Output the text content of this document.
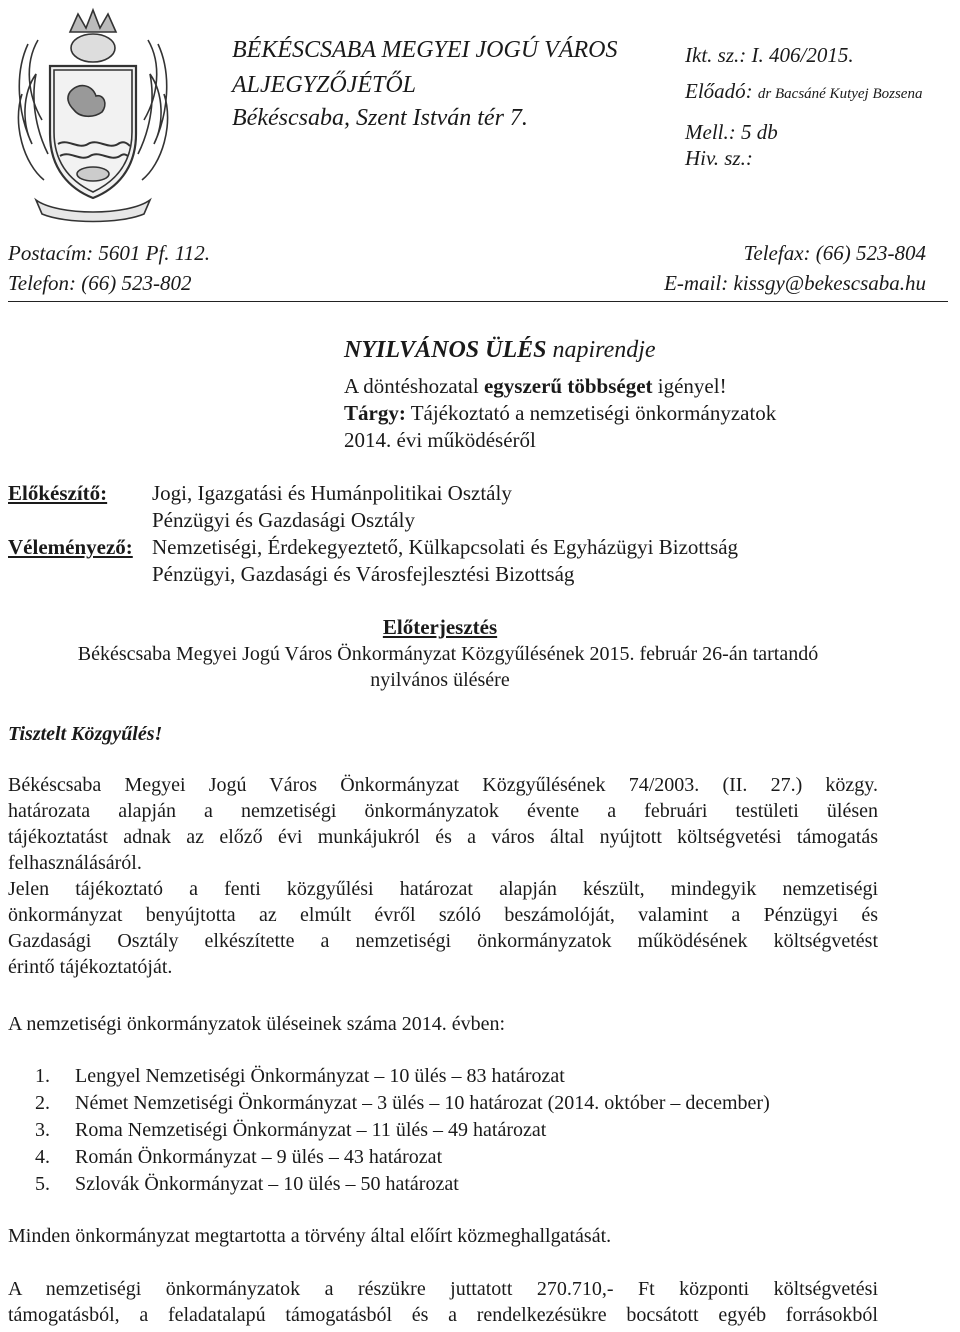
BÉKÉSCSABA MEGYEI JOGÚ VÁROS
ALJEGYZŐJÉTŐL
Békéscsaba, Szent István tér 7.
Ikt. sz.: I. 406/2015.
Előadó: dr Bacsáné Kutyej Bozsena
Mell.: 5 db
Hiv. sz.:
Postacím: 5601 Pf. 112.
Telefon: (66) 523-802
Telefax: (66) 523-804
E-mail: kissgy@bekescsaba.hu
NYILVÁNOS ÜLÉS napirendje
A döntéshozatal egyszerű többséget igényel!
Tárgy: Tájékoztató a nemzetiségi önkormányzatok
2014. évi működéséről
Előkészítő: Jogi, Igazgatási és Humánpolitikai Osztály
Pénzügyi és Gazdasági Osztály
Véleményező: Nemzetiségi, Érdekegyeztető, Külkapcsolati és Egyházügyi Bizottság
Pénzügyi, Gazdasági és Városfejlesztési Bizottság
Előterjesztés
Békéscsaba Megyei Jogú Város Önkormányzat Közgyűlésének 2015. február 26-án tartandó
nyilvános ülésére
Tisztelt Közgyűlés!
Békéscsaba Megyei Jogú Város Önkormányzat Közgyűlésének 74/2003. (II. 27.) közgy.
határozata alapján a nemzetiségi önkormányzatok évente a februári testületi ülésen
tájékoztatást adnak az előző évi munkájukról és a város által nyújtott költségvetési támogatás
felhasználásáról.
Jelen tájékoztató a fenti közgyűlési határozat alapján készült, mindegyik nemzetiségi
önkormányzat benyújtotta az elmúlt évről szóló beszámolóját, valamint a Pénzügyi és
Gazdasági Osztály elkészítette a nemzetiségi önkormányzatok működésének költségvetést
érintő tájékoztatóját.
A nemzetiségi önkormányzatok üléseinek száma 2014. évben:
1.	Lengyel Nemzetiségi Önkormányzat – 10 ülés – 83 határozat
2.	Német Nemzetiségi Önkormányzat – 3 ülés – 10 határozat (2014. október – december)
3.	Roma Nemzetiségi Önkormányzat – 11 ülés – 49 határozat
4.	Román Önkormányzat – 9 ülés – 43 határozat
5.	Szlovák Önkormányzat – 10 ülés – 50 határozat
Minden önkormányzat megtartotta a törvény által előírt közmeghallgatását.
A nemzetiségi önkormányzatok a részükre juttatott 270.710,- Ft központi költségvetési
támogatásból, a feladatalapú támogatásból és a rendelkezésükre bocsátott egyéb forrásokból
